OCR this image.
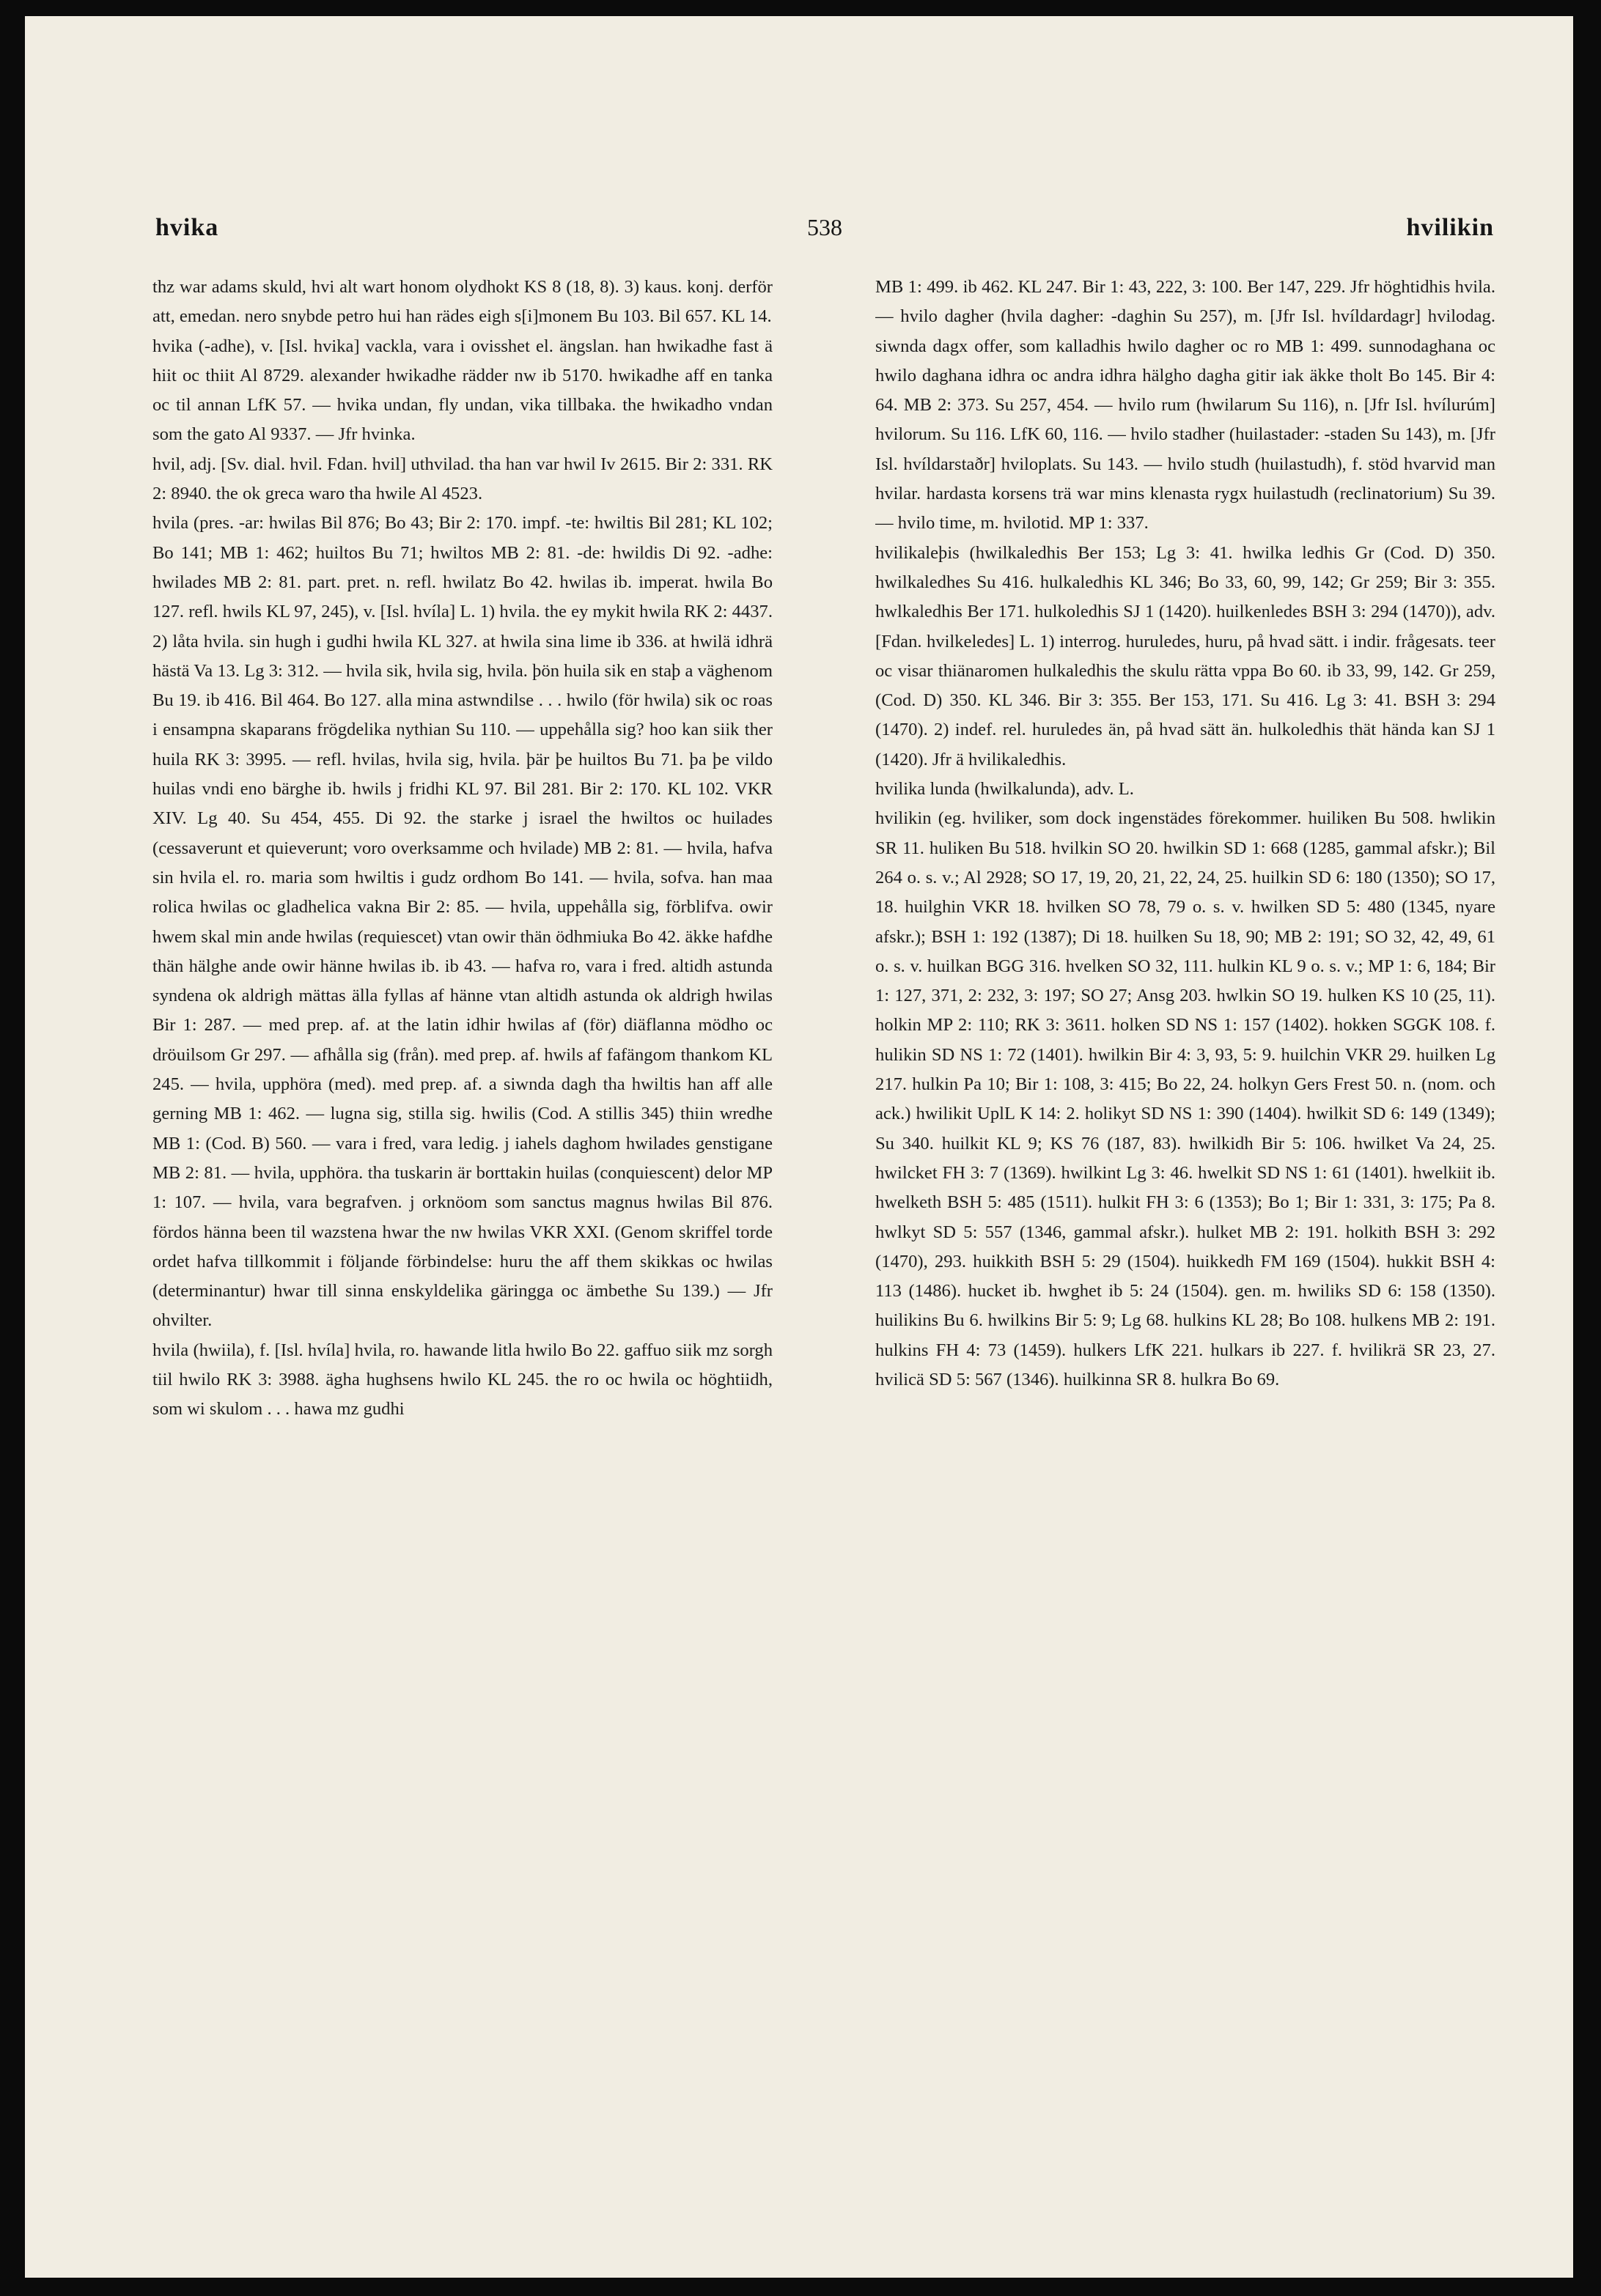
hvika	538	hvilikin

thz war adams skuld, hvi alt wart honom olydhokt KS 8 (18, 8). 3) kaus. konj. derför att, emedan. nero snybde petro hui han rädes eigh s[i]monem Bu 103. Bil 657. KL 14.

hvika (-adhe), v. [Isl. hvika] vackla, vara i ovisshet el. ängslan. han hwikadhe fast ä hiit oc thiit Al 8729. alexander hwikadhe rädder nw ib 5170. hwikadhe aff en tanka oc til annan LfK 57. — hvika undan, fly undan, vika tillbaka. the hwikadho vndan som the gato Al 9337. — Jfr hvinka.

hvil, adj. [Sv. dial. hvil. Fdan. hvil] uthvilad. tha han var hwil Iv 2615. Bir 2: 331. RK 2: 8940. the ok greca waro tha hwile Al 4523.

hvila (pres. -ar: hwilas Bil 876; Bo 43; Bir 2: 170. impf. -te: hwiltis Bil 281; KL 102; Bo 141; MB 1: 462; huiltos Bu 71; hwiltos MB 2: 81. -de: hwildis Di 92. -adhe: hwilades MB 2: 81. part. pret. n. refl. hwilatz Bo 42. hwilas ib. imperat. hwila Bo 127. refl. hwils KL 97, 245), v. [Isl. hvíla] L. 1) hvila. the ey mykit hwila RK 2: 4437. 2) låta hvila. sin hugh i gudhi hwila KL 327. at hwila sina lime ib 336. at hwilä idhrä hästä Va 13. Lg 3: 312. — hvila sik, hvila sig, hvila. þön huila sik en staþ a väghenom Bu 19. ib 416. Bil 464. Bo 127. alla mina astwndilse . . . hwilo (för hwila) sik oc roas i ensampna skaparans frögdelika nythian Su 110. — uppehålla sig? hoo kan siik ther huila RK 3: 3995. — refl. hvilas, hvila sig, hvila. þär þe huiltos Bu 71. þa þe vildo huilas vndi eno bärghe ib. hwils j fridhi KL 97. Bil 281. Bir 2: 170. KL 102. VKR XIV. Lg 40. Su 454, 455. Di 92. the starke j israel the hwiltos oc huilades (cessaverunt et quieverunt; voro overksamme och hvilade) MB 2: 81. — hvila, hafva sin hvila el. ro. maria som hwiltis i gudz ordhom Bo 141. — hvila, sofva. han maa rolica hwilas oc gladhelica vakna Bir 2: 85. — hvila, uppehålla sig, förblifva. owir hwem skal min ande hwilas (requiescet) vtan owir thän ödhmiuka Bo 42. äkke hafdhe thän hälghe ande owir hänne hwilas ib. ib 43. — hafva ro, vara i fred. altidh astunda syndena ok aldrigh mättas älla fyllas af hänne vtan altidh astunda ok aldrigh hwilas Bir 1: 287. — med prep. af. at the latin idhir hwilas af (för) diäflanna mödho oc dröuilsom Gr 297. — afhålla sig (från). med prep. af. hwils af fafängom thankom KL 245. — hvila, upphöra (med). med prep. af. a siwnda dagh tha hwiltis han aff alle gerning MB 1: 462. — lugna sig, stilla sig. hwilis (Cod. A stillis 345) thiin wredhe MB 1: (Cod. B) 560. — vara i fred, vara ledig. j iahels daghom hwilades genstigane MB 2: 81. — hvila, upphöra. tha tuskarin är borttakin huilas (conquiescent) delor MP 1: 107. — hvila, vara begrafven. j orknöom som sanctus magnus hwilas Bil 876. fördos hänna been til wazstena hwar the nw hwilas VKR XXI. (Genom skriffel torde ordet hafva tillkommit i följande förbindelse: huru the aff them skikkas oc hwilas (determinantur) hwar till sinna enskyldelika gäringga oc ämbethe Su 139.) — Jfr ohvilter.

hvila (hwiila), f. [Isl. hvíla] hvila, ro. hawande litla hwilo Bo 22. gaffuo siik mz sorgh tiil hwilo RK 3: 3988. ägha hughsens hwilo KL 245. the ro oc hwila oc höghtiidh, som wi skulom . . . hawa mz gudhi

MB 1: 499. ib 462. KL 247. Bir 1: 43, 222, 3: 100. Ber 147, 229. Jfr höghtidhis hvila. — hvilo dagher (hvila dagher: -daghin Su 257), m. [Jfr Isl. hvíldardagr] hvilodag. siwnda dagx offer, som kalladhis hwilo dagher oc ro MB 1: 499. sunnodaghana oc hwilo daghana idhra oc andra idhra hälgho dagha gitir iak äkke tholt Bo 145. Bir 4: 64. MB 2: 373. Su 257, 454. — hvilo rum (hwilarum Su 116), n. [Jfr Isl. hvílurúm] hvilorum. Su 116. LfK 60, 116. — hvilo stadher (huilastader: -staden Su 143), m. [Jfr Isl. hvíldarstaðr] hviloplats. Su 143. — hvilo studh (huilastudh), f. stöd hvarvid man hvilar. hardasta korsens trä war mins klenasta rygx huilastudh (reclinatorium) Su 39. — hvilo time, m. hvilotid. MP 1: 337.

hvilikaleþis (hwilkaledhis Ber 153; Lg 3: 41. hwilka ledhis Gr (Cod. D) 350. hwilkaledhes Su 416. hulkaledhis KL 346; Bo 33, 60, 99, 142; Gr 259; Bir 3: 355. hwlkaledhis Ber 171. hulkoledhis SJ 1 (1420). huilkenledes BSH 3: 294 (1470)), adv. [Fdan. hvilkeledes] L. 1) interrog. huruledes, huru, på hvad sätt. i indir. frågesats. teer oc visar thiänaromen hulkaledhis the skulu rätta vppa Bo 60. ib 33, 99, 142. Gr 259, (Cod. D) 350. KL 346. Bir 3: 355. Ber 153, 171. Su 416. Lg 3: 41. BSH 3: 294 (1470). 2) indef. rel. huruledes än, på hvad sätt än. hulkoledhis thät hända kan SJ 1 (1420). Jfr ä hvilikaledhis.

hvilika lunda (hwilkalunda), adv. L.

hvilikin (eg. hviliker, som dock ingenstädes förekommer. huiliken Bu 508. hwlikin SR 11. huliken Bu 518. hvilkin SO 20. hwilkin SD 1: 668 (1285, gammal afskr.); Bil 264 o. s. v.; Al 2928; SO 17, 19, 20, 21, 22, 24, 25. huilkin SD 6: 180 (1350); SO 17, 18. huilghin VKR 18. hvilken SO 78, 79 o. s. v. hwilken SD 5: 480 (1345, nyare afskr.); BSH 1: 192 (1387); Di 18. huilken Su 18, 90; MB 2: 191; SO 32, 42, 49, 61 o. s. v. huilkan BGG 316. hvelken SO 32, 111. hulkin KL 9 o. s. v.; MP 1: 6, 184; Bir 1: 127, 371, 2: 232, 3: 197; SO 27; Ansg 203. hwlkin SO 19. hulken KS 10 (25, 11). holkin MP 2: 110; RK 3: 3611. holken SD NS 1: 157 (1402). hokken SGGK 108. f. hulikin SD NS 1: 72 (1401). hwilkin Bir 4: 3, 93, 5: 9. huilchin VKR 29. huilken Lg 217. hulkin Pa 10; Bir 1: 108, 3: 415; Bo 22, 24. holkyn Gers Frest 50. n. (nom. och ack.) hwilikit UplL K 14: 2. holikyt SD NS 1: 390 (1404). hwilkit SD 6: 149 (1349); Su 340. huilkit KL 9; KS 76 (187, 83). hwilkidh Bir 5: 106. hwilket Va 24, 25. hwilcket FH 3: 7 (1369). hwilkint Lg 3: 46. hwelkit SD NS 1: 61 (1401). hwelkiit ib. hwelketh BSH 5: 485 (1511). hulkit FH 3: 6 (1353); Bo 1; Bir 1: 331, 3: 175; Pa 8. hwlkyt SD 5: 557 (1346, gammal afskr.). hulket MB 2: 191. holkith BSH 3: 292 (1470), 293. huikkith BSH 5: 29 (1504). huikkedh FM 169 (1504). hukkit BSH 4: 113 (1486). hucket ib. hwghet ib 5: 24 (1504). gen. m. hwiliks SD 6: 158 (1350). huilikins Bu 6. hwilkins Bir 5: 9; Lg 68. hulkins KL 28; Bo 108. hulkens MB 2: 191. hulkins FH 4: 73 (1459). hulkers LfK 221. hulkars ib 227. f. hvilikrä SR 23, 27. hvilicä SD 5: 567 (1346). huilkinna SR 8. hulkra Bo 69.
